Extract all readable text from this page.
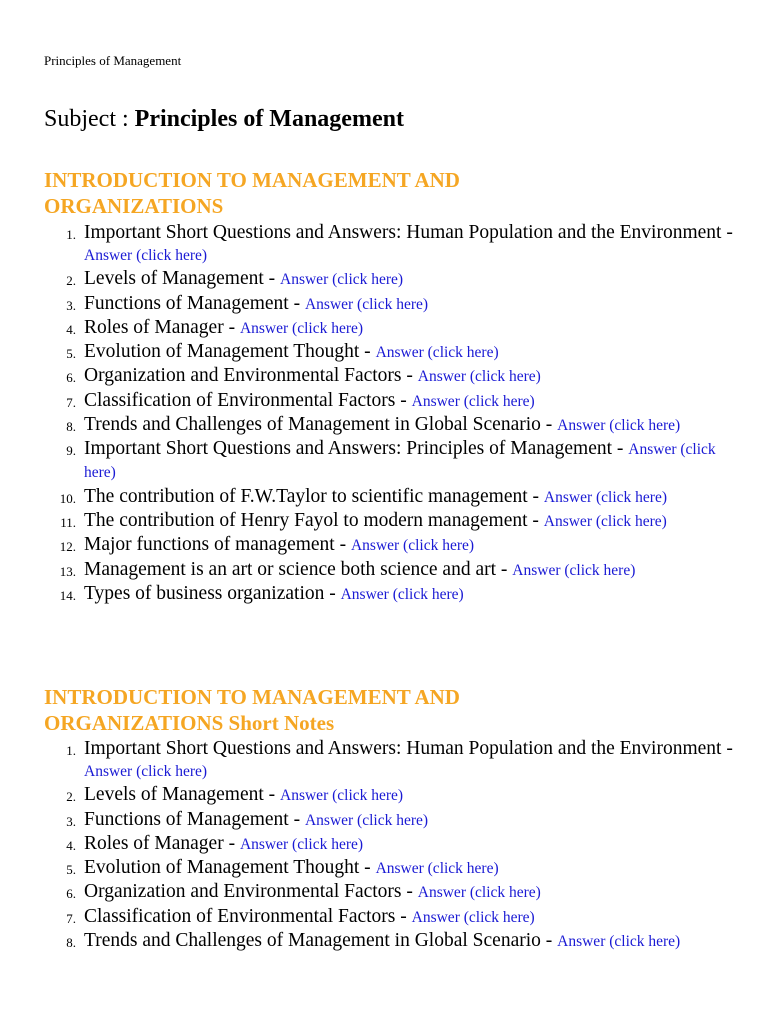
Principles of Management
Subject : Principles of Management
INTRODUCTION TO MANAGEMENT AND ORGANIZATIONS
1. Important Short Questions and Answers: Human Population and the Environment - Answer (click here)
2. Levels of Management - Answer (click here)
3. Functions of Management - Answer (click here)
4. Roles of Manager - Answer (click here)
5. Evolution of Management Thought - Answer (click here)
6. Organization and Environmental Factors - Answer (click here)
7. Classification of Environmental Factors - Answer (click here)
8. Trends and Challenges of Management in Global Scenario - Answer (click here)
9. Important Short Questions and Answers: Principles of Management - Answer (click here)
10. The contribution of F.W.Taylor to scientific management - Answer (click here)
11. The contribution of Henry Fayol to modern management - Answer (click here)
12. Major functions of management - Answer (click here)
13. Management is an art or science both science and art - Answer (click here)
14. Types of business organization - Answer (click here)
INTRODUCTION TO MANAGEMENT AND ORGANIZATIONS Short Notes
1. Important Short Questions and Answers: Human Population and the Environment - Answer (click here)
2. Levels of Management - Answer (click here)
3. Functions of Management - Answer (click here)
4. Roles of Manager - Answer (click here)
5. Evolution of Management Thought - Answer (click here)
6. Organization and Environmental Factors - Answer (click here)
7. Classification of Environmental Factors - Answer (click here)
8. Trends and Challenges of Management in Global Scenario - Answer (click here)
